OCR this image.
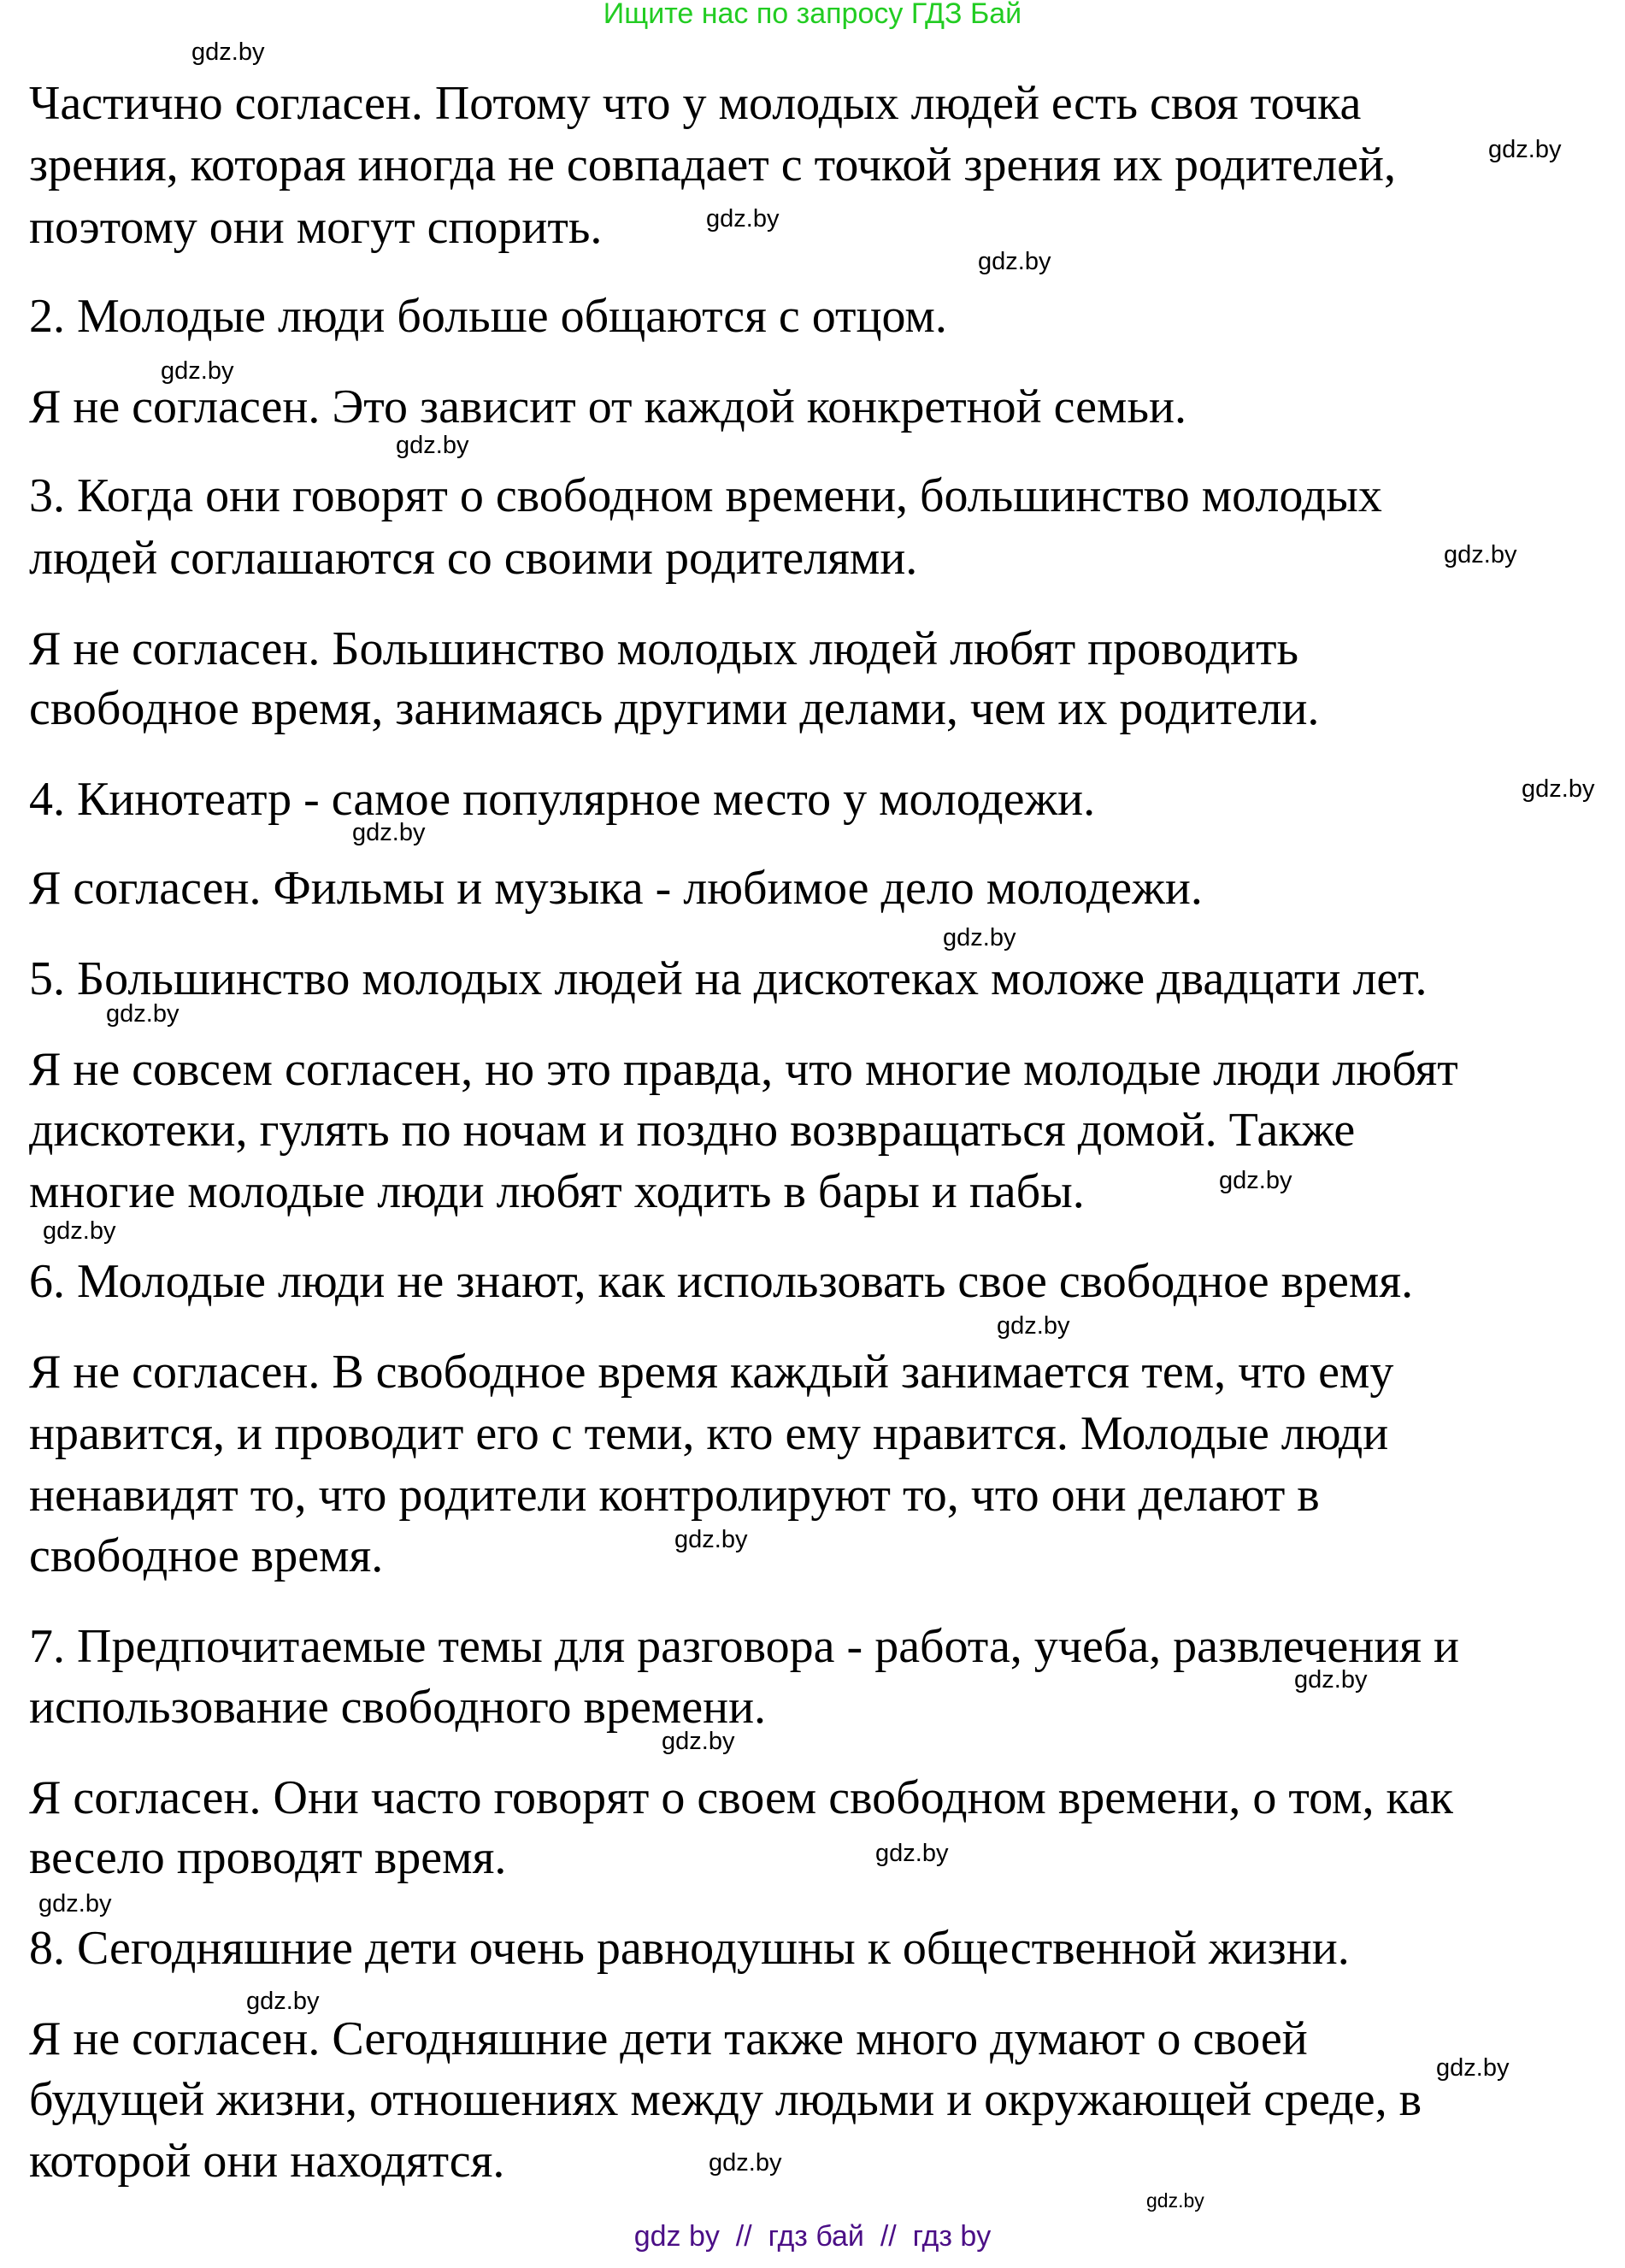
Ищите нас по запросу ГДЗ Бай
Частично согласен. Потому что у молодых людей есть своя точка
зрения, которая иногда не совпадает с точкой зрения их родителей,
поэтому они могут спорить.
2. Молодые люди больше общаются с отцом.
Я не согласен. Это зависит от каждой конкретной семьи.
3. Когда они говорят о свободном времени, большинство молодых
людей соглашаются со своими родителями.
Я не согласен. Большинство молодых людей любят проводить
свободное время, занимаясь другими делами, чем их родители.
4. Кинотеатр - самое популярное место у молодежи.
Я согласен. Фильмы и музыка - любимое дело молодежи.
5. Большинство молодых людей на дискотеках моложе двадцати лет.
Я не совсем согласен, но это правда, что многие молодые люди любят
дискотеки, гулять по ночам и поздно возвращаться домой. Также
многие молодые люди любят ходить в бары и пабы.
6. Молодые люди не знают, как использовать свое свободное время.
Я не согласен. В свободное время каждый занимается тем, что ему
нравится, и проводит его с теми, кто ему нравится. Молодые люди
ненавидят то, что родители контролируют то, что они делают в
свободное время.
7. Предпочитаемые темы для разговора - работа, учеба, развлечения и
использование свободного времени.
Я согласен. Они часто говорят о своем свободном времени, о том, как
весело проводят время.
8. Сегодняшние дети очень равнодушны к общественной жизни.
Я не согласен. Сегодняшние дети также много думают о своей
будущей жизни, отношениях между людьми и окружающей среде, в
которой они находятся.
gdz.by
gdz.by
gdz.by
gdz.by
gdz.by
gdz.by
gdz.by
gdz.by
gdz.by
gdz.by
gdz.by
gdz.by
gdz.by
gdz.by
gdz.by
gdz.by
gdz.by
gdz.by
gdz.by
gdz.by
gdz.by
gdz.by
gdz.by
gdz by  //  гдз бай  //  гдз by
